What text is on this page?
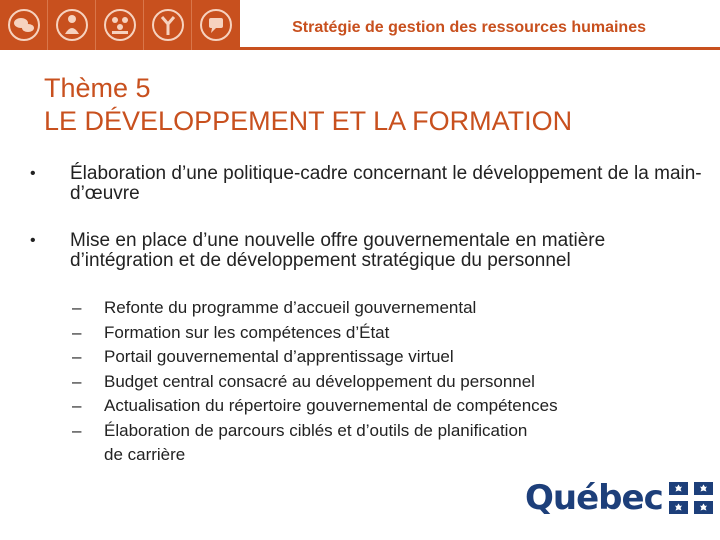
Stratégie de gestion des ressources humaines
Thème 5
LE DÉVELOPPEMENT ET LA FORMATION
• Élaboration d’une politique-cadre concernant le développement de la main-d’œuvre
• Mise en place d’une nouvelle offre gouvernementale en matière d’intégration et de développement stratégique du personnel
– Refonte du programme d’accueil gouvernemental
– Formation sur les compétences d’État
– Portail gouvernemental d’apprentissage virtuel
– Budget central consacré au développement du personnel
– Actualisation du répertoire gouvernemental de compétences
– Élaboration de parcours ciblés et d’outils de planification
de carrière
Québec
